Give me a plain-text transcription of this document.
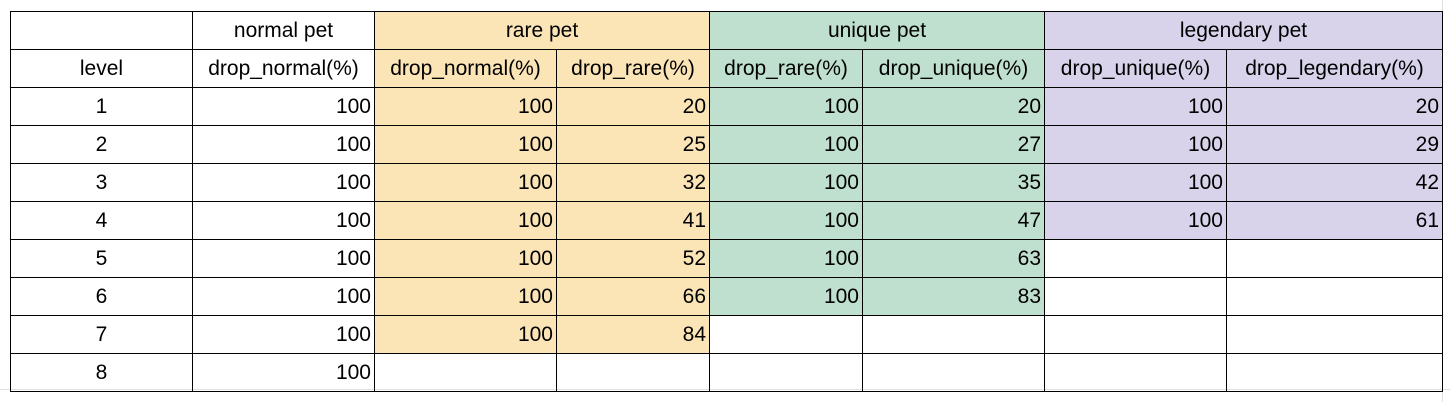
	normal pet	rare pet		unique pet		legendary pet	
level	drop_normal(%)	drop_normal(%)	drop_rare(%)	drop_rare(%)	drop_unique(%)	drop_unique(%)	drop_legendary(%)
1	100	100	20	100	20	100	20
2	100	100	25	100	27	100	29
3	100	100	32	100	35	100	42
4	100	100	41	100	47	100	61
5	100	100	52	100	63		
6	100	100	66	100	83		
7	100	100	84				
8	100						
